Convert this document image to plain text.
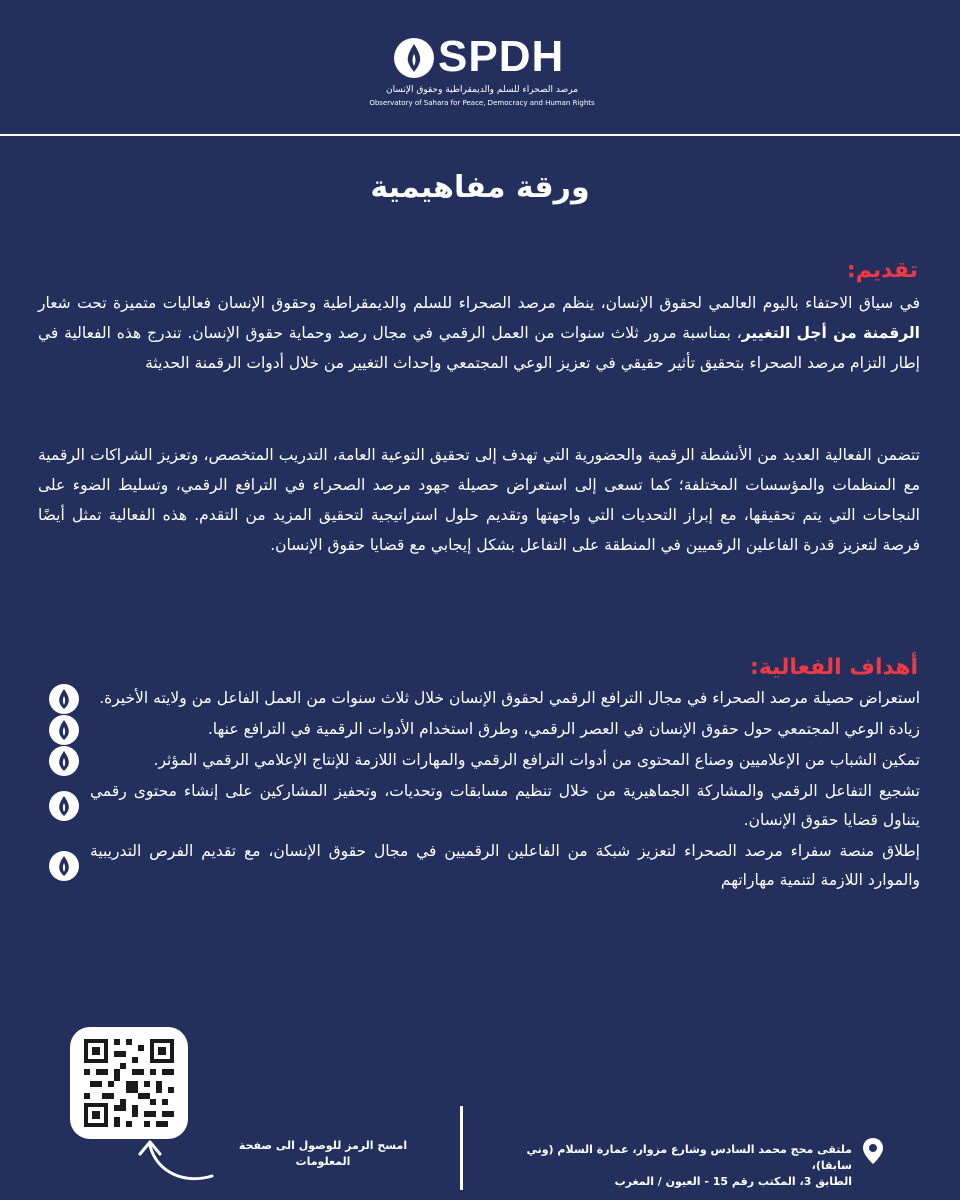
SPDH
مرصد الصحراء للسلم والديمقراطية وحقوق الإنسان
Observatory of Sahara for Peace, Democracy and Human Rights
ورقة مفاهيمية
تقديم:
في سياق الاحتفاء باليوم العالمي لحقوق الإنسان، ينظم مرصد الصحراء للسلم والديمقراطية وحقوق الإنسان فعاليات متميزة تحت شعار الرقمنة من أجل التغيير، بمناسبة مرور ثلاث سنوات من العمل الرقمي في مجال رصد وحماية حقوق الإنسان. تندرج هذه الفعالية في إطار التزام مرصد الصحراء بتحقيق تأثير حقيقي في تعزيز الوعي المجتمعي وإحداث التغيير من خلال أدوات الرقمنة الحديثة
تتضمن الفعالية العديد من الأنشطة الرقمية والحضورية التي تهدف إلى تحقيق التوعية العامة، التدريب المتخصص، وتعزيز الشراكات الرقمية مع المنظمات والمؤسسات المختلفة؛ كما تسعى إلى استعراض حصيلة جهود مرصد الصحراء في الترافع الرقمي، وتسليط الضوء على النجاحات التي يتم تحقيقها، مع إبراز التحديات التي واجهتها وتقديم حلول استراتيجية لتحقيق المزيد من التقدم. هذه الفعالية تمثل أيضًا فرصة لتعزيز قدرة الفاعلين الرقميين في المنطقة على التفاعل بشكل إيجابي مع قضايا حقوق الإنسان.
أهداف الفعالية:
استعراض حصيلة مرصد الصحراء في مجال الترافع الرقمي لحقوق الإنسان خلال ثلاث سنوات من العمل الفاعل من ولايته الأخيرة.
زيادة الوعي المجتمعي حول حقوق الإنسان في العصر الرقمي، وطرق استخدام الأدوات الرقمية في الترافع عنها.
تمكين الشباب من الإعلاميين وصناع المحتوى من أدوات الترافع الرقمي والمهارات اللازمة للإنتاج الإعلامي الرقمي المؤثر.
تشجيع التفاعل الرقمي والمشاركة الجماهيرية من خلال تنظيم مسابقات وتحديات، وتحفيز المشاركين على إنشاء محتوى رقمي يتناول قضايا حقوق الإنسان.
إطلاق منصة سفراء مرصد الصحراء لتعزيز شبكة من الفاعلين الرقميين في مجال حقوق الإنسان، مع تقديم الفرص التدريبية والموارد اللازمة لتنمية مهاراتهم
امسح الرمز للوصول الى صفحة المعلومات
ملتقى محج محمد السادس وشارع مزوار، عمارة السلام (وني سابقا)،
الطابق 3، المكتب رقم 15 - العيون / المغرب
